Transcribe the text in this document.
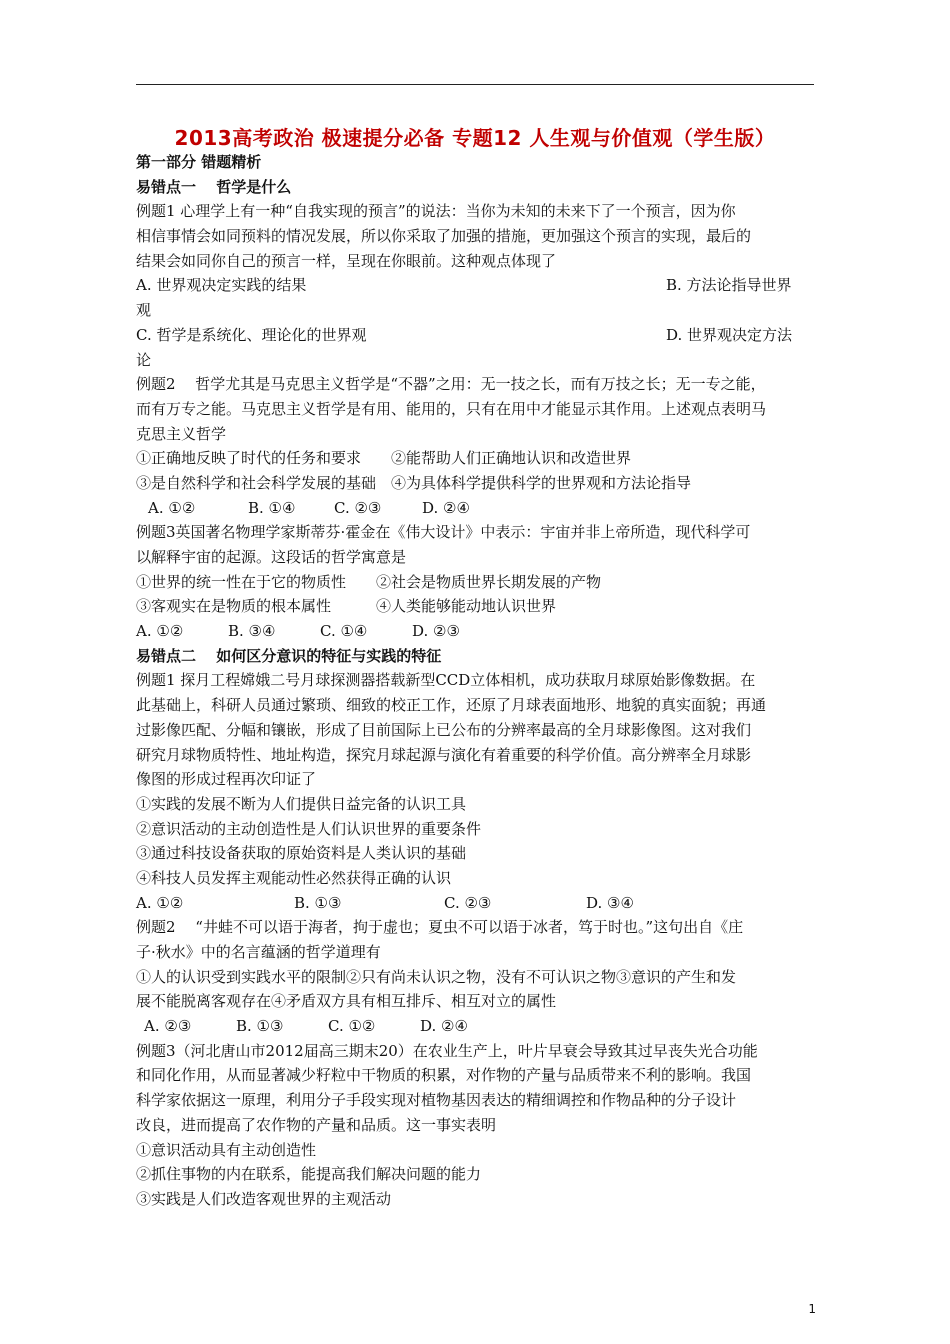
2013高考政治 极速提分必备 专题12 人生观与价值观（学生版）
第一部分 错题精析
易错点一　 哲学是什么
例题1 心理学上有一种“自我实现的预言”的说法：当你为未知的未来下了一个预言，因为你
相信事情会如同预料的情况发展，所以你采取了加强的措施，更加强这个预言的实现，最后的
结果会如同你自己的预言一样，呈现在你眼前。这种观点体现了
A. 世界观决定实践的结果	B. 方法论指导世界
观
C. 哲学是系统化、理论化的世界观	D. 世界观决定方法
论
例题2　 哲学尤其是马克思主义哲学是“不器”之用：无一技之长，而有万技之长；无一专之能，
而有万专之能。马克思主义哲学是有用、能用的，只有在用中才能显示其作用。上述观点表明马
克思主义哲学
①正确地反映了时代的任务和要求　　②能帮助人们正确地认识和改造世界
③是自然科学和社会科学发展的基础　④为具体科学提供科学的世界观和方法论指导
A. ①②	B. ①④	C. ②③	D. ②④
例题3英国著名物理学家斯蒂芬·霍金在《伟大设计》中表示：宇宙并非上帝所造，现代科学可
以解释宇宙的起源。这段话的哲学寓意是
①世界的统一性在于它的物质性　　②社会是物质世界长期发展的产物
③客观实在是物质的根本属性　　　④人类能够能动地认识世界
A. ①②	B. ③④	C. ①④	D. ②③
易错点二　 如何区分意识的特征与实践的特征
例题1 探月工程嫦娥二号月球探测器搭载新型CCD立体相机，成功获取月球原始影像数据。在
此基础上，科研人员通过繁琐、细致的校正工作，还原了月球表面地形、地貌的真实面貌；再通
过影像匹配、分幅和镶嵌，形成了目前国际上已公布的分辨率最高的全月球影像图。这对我们
研究月球物质特性、地址构造，探究月球起源与演化有着重要的科学价值。高分辨率全月球影
像图的形成过程再次印证了
①实践的发展不断为人们提供日益完备的认识工具
②意识活动的主动创造性是人们认识世界的重要条件
③通过科技设备获取的原始资料是人类认识的基础
④科技人员发挥主观能动性必然获得正确的认识
A. ①②	B. ①③	C. ②③	D. ③④
例题2　 “井蛙不可以语于海者，拘于虚也；夏虫不可以语于冰者，笃于时也。”这句出自《庄
子·秋水》中的名言蕴涵的哲学道理有
①人的认识受到实践水平的限制②只有尚未认识之物，没有不可认识之物③意识的产生和发
展不能脱离客观存在④矛盾双方具有相互排斥、相互对立的属性
A. ②③	B. ①③	C. ①②	D. ②④
例题3（河北唐山市2012届高三期末20）在农业生产上，叶片早衰会导致其过早丧失光合功能
和同化作用，从而显著减少籽粒中干物质的积累，对作物的产量与品质带来不利的影响。我国
科学家依据这一原理，利用分子手段实现对植物基因表达的精细调控和作物品种的分子设计
改良，进而提高了农作物的产量和品质。这一事实表明
①意识活动具有主动创造性
②抓住事物的内在联系，能提高我们解决问题的能力
③实践是人们改造客观世界的主观活动
1
